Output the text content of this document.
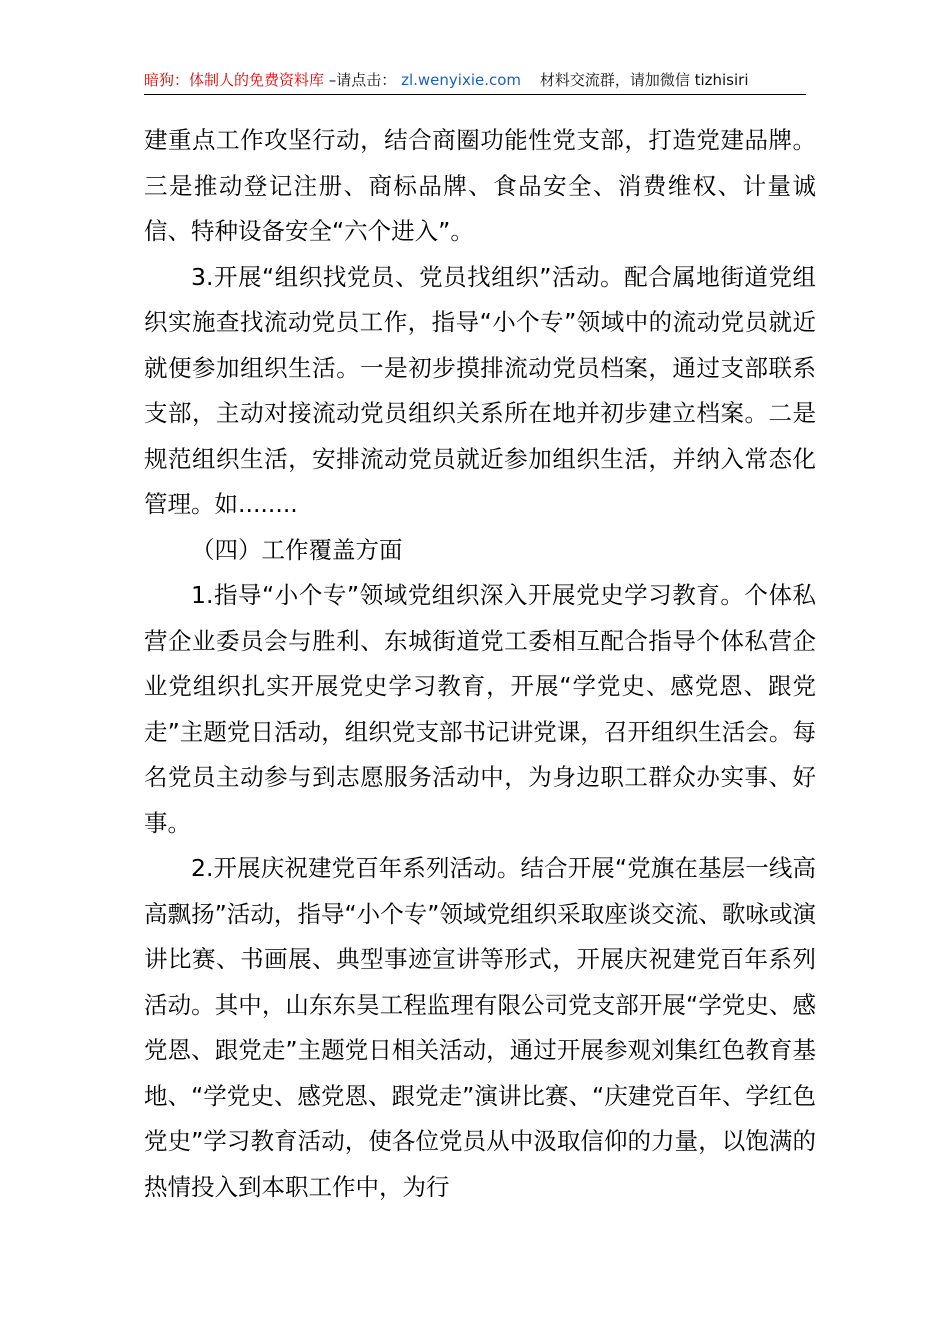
暗狗：体制人的免费资料库 –请点击： zl.wenyixie.com 材料交流群，请加微信 tizhisiri

建重点工作攻坚行动，结合商圈功能性党支部，打造党建品牌。三是推动登记注册、商标品牌、食品安全、消费维权、计量诚信、特种设备安全“六个进入”。

3.开展“组织找党员、党员找组织”活动。配合属地街道党组织实施查找流动党员工作，指导“小个专”领域中的流动党员就近就便参加组织生活。一是初步摸排流动党员档案，通过支部联系支部，主动对接流动党员组织关系所在地并初步建立档案。二是规范组织生活，安排流动党员就近参加组织生活，并纳入常态化管理。如........

（四）工作覆盖方面

1.指导“小个专”领域党组织深入开展党史学习教育。个体私营企业委员会与胜利、东城街道党工委相互配合指导个体私营企业党组织扎实开展党史学习教育，开展“学党史、感党恩、跟党走”主题党日活动，组织党支部书记讲党课，召开组织生活会。每名党员主动参与到志愿服务活动中，为身边职工群众办实事、好事。

2.开展庆祝建党百年系列活动。结合开展“党旗在基层一线高高飘扬”活动，指导“小个专”领域党组织采取座谈交流、歌咏或演讲比赛、书画展、典型事迹宣讲等形式，开展庆祝建党百年系列活动。其中，山东东昊工程监理有限公司党支部开展“学党史、感党恩、跟党走”主题党日相关活动，通过开展参观刘集红色教育基地、“学党史、感党恩、跟党走”演讲比赛、“庆建党百年、学红色党史”学习教育活动，使各位党员从中汲取信仰的力量，以饱满的热情投入到本职工作中，为行
